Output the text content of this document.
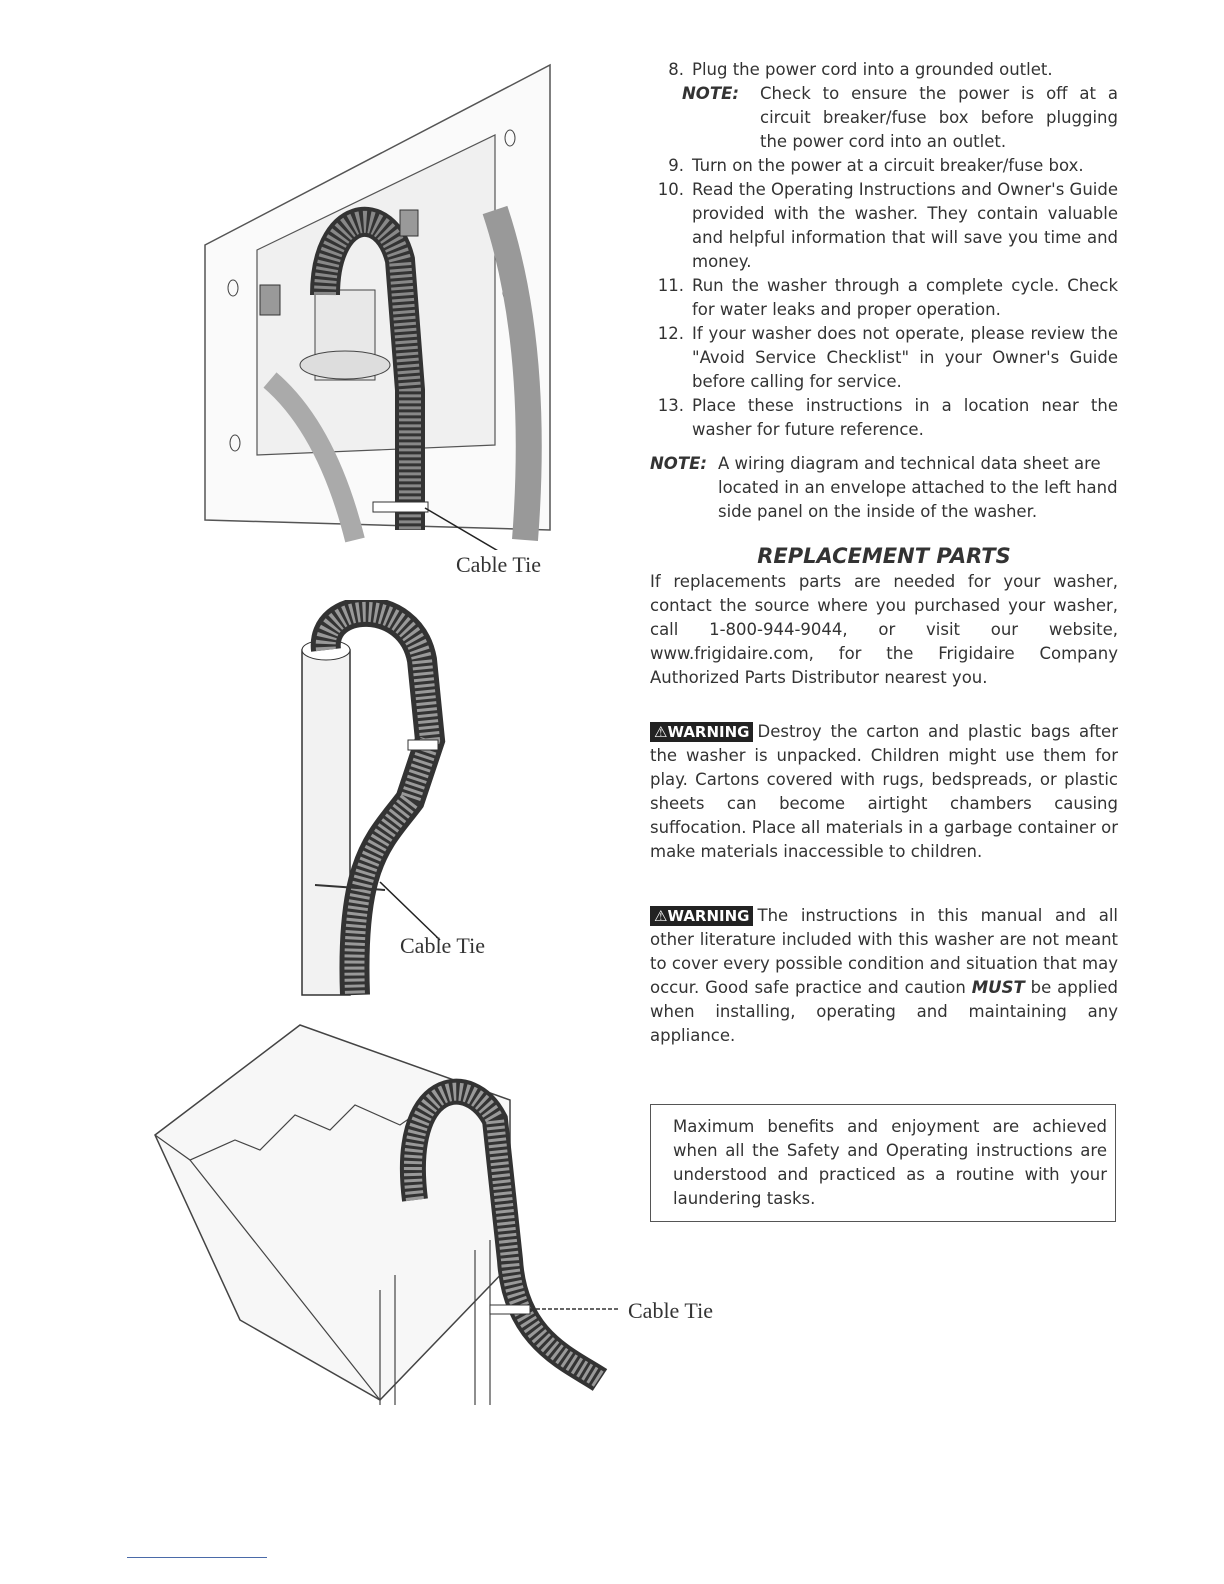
Cable Tie
Cable Tie
Cable Tie
8. Plug the power cord into a grounded outlet.
NOTE:	Check to ensure the power is off at a circuit breaker/fuse box before plugging the power cord into an outlet.
9. Turn on the power at a circuit breaker/fuse box.
10. Read the Operating Instructions and Owner's Guide provided with the washer. They contain valuable and helpful information that will save you time and money.
11. Run the washer through a complete cycle. Check for water leaks and proper operation.
12. If your washer does not operate, please review the "Avoid Service Checklist" in your Owner's Guide before calling for service.
13. Place these instructions in a location near the washer for future reference.
NOTE: A wiring diagram and technical data sheet are located in an envelope attached to the left hand side panel on the inside of the washer.
REPLACEMENT PARTS
If replacements parts are needed for your washer, contact the source where you purchased your washer, call 1-800-944-9044, or visit our website, www.frigidaire.com, for the Frigidaire Company Authorized Parts Distributor nearest you.
⚠WARNING Destroy the carton and plastic bags after the washer is unpacked. Children might use them for play. Cartons covered with rugs, bedspreads, or plastic sheets can become airtight chambers causing suffocation. Place all materials in a garbage container or make materials inaccessible to children.
⚠WARNING The instructions in this manual and all other literature included with this washer are not meant to cover every possible condition and situation that may occur. Good safe practice and caution MUST be applied when installing, operating and maintaining any appliance.
Maximum benefits and enjoyment are achieved when all the Safety and Operating instructions are understood and practiced as a routine with your laundering tasks.
